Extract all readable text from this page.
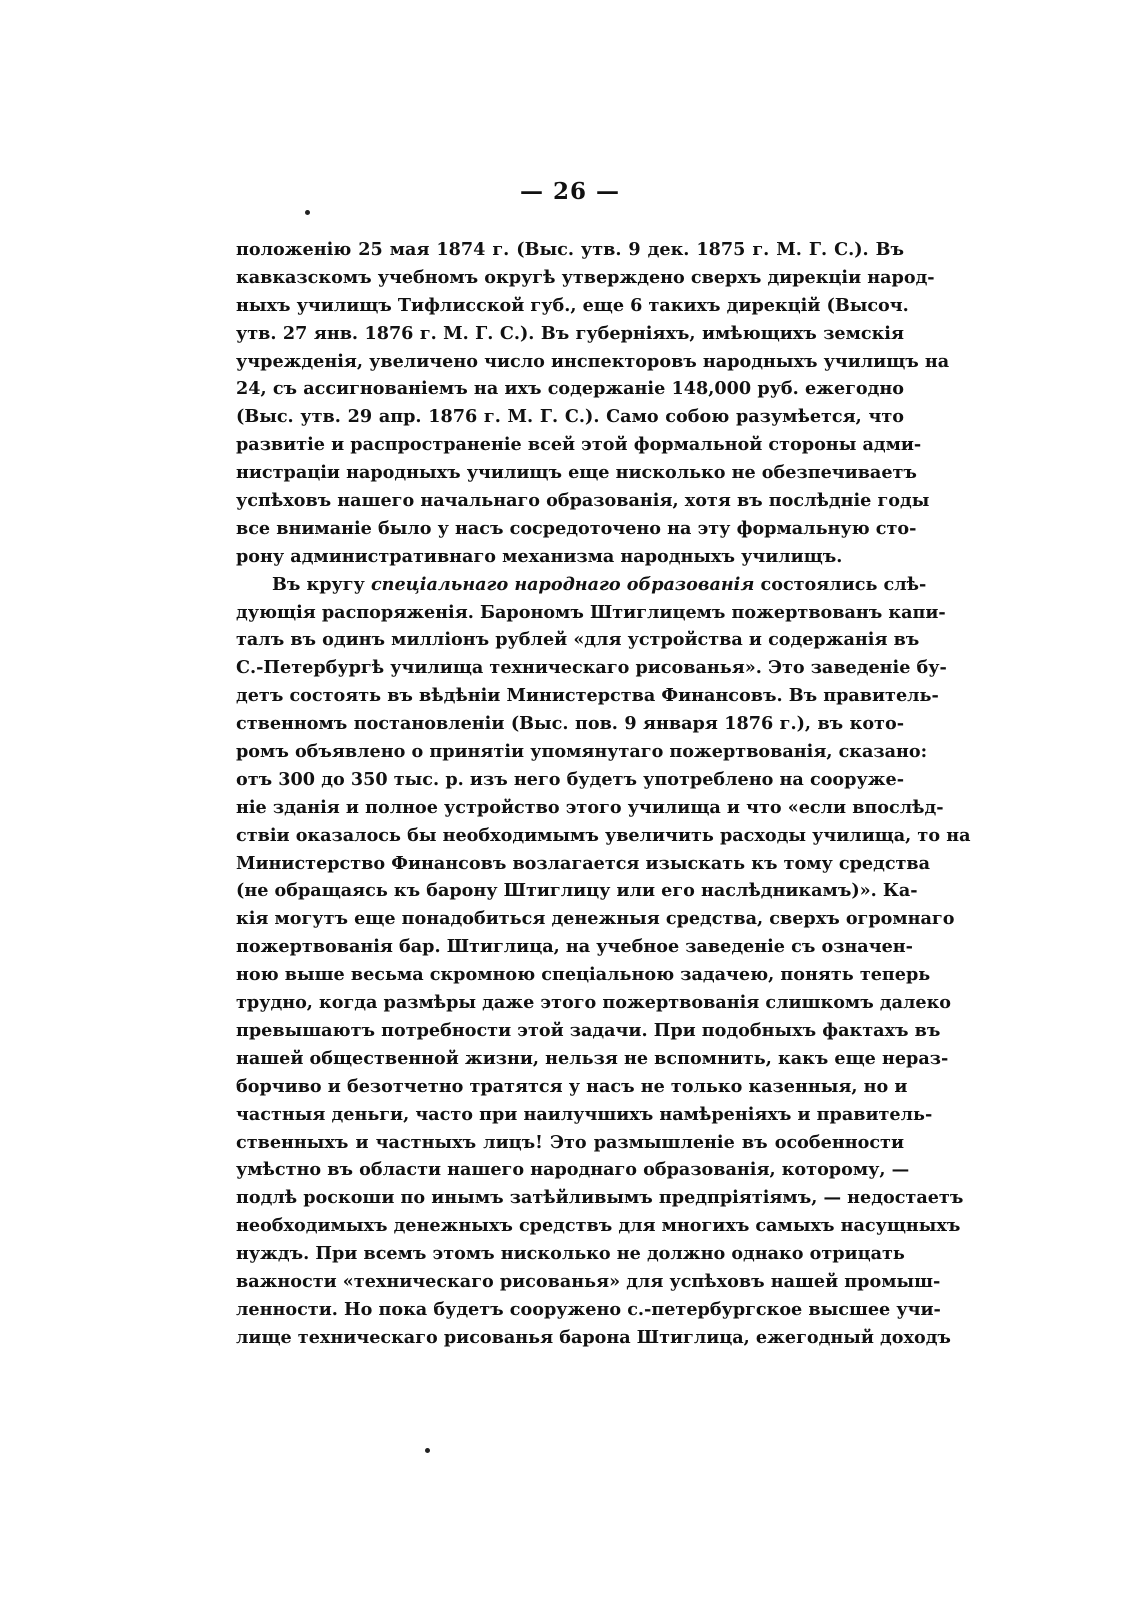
— 26 —
положенію 25 мая 1874 г. (Выс. утв. 9 дек. 1875 г. М. Г. С.). Въ
кавказскомъ учебномъ округѣ утверждено сверхъ дирекціи народ-
ныхъ училищъ Тифлисской губ., еще 6 такихъ дирекцій (Высоч.
утв. 27 янв. 1876 г. М. Г. С.). Въ губерніяхъ, имѣющихъ земскія
учрежденія, увеличено число инспекторовъ народныхъ училищъ на
24, съ ассигнованіемъ на ихъ содержаніе 148,000 руб. ежегодно
(Выс. утв. 29 апр. 1876 г. М. Г. С.). Само собою разумѣется, что
развитіе и распространеніе всей этой формальной стороны адми-
нистраціи народныхъ училищъ еще нисколько не обезпечиваетъ
успѣховъ нашего начальнаго образованія, хотя въ послѣдніе годы
все вниманіе было у насъ сосредоточено на эту формальную сто-
рону административнаго механизма народныхъ училищъ.
Въ кругу спеціальнаго народнаго образованія состоялись слѣ-
дующія распоряженія. Барономъ Штиглицемъ пожертвованъ капи-
талъ въ одинъ милліонъ рублей «для устройства и содержанія въ
С.-Петербургѣ училища техническаго рисованья». Это заведеніе бу-
детъ состоять въ вѣдѣніи Министерства Финансовъ. Въ правитель-
ственномъ постановленіи (Выс. пов. 9 января 1876 г.), въ кото-
ромъ объявлено о принятіи упомянутаго пожертвованія, сказано:
отъ 300 до 350 тыс. р. изъ него будетъ употреблено на сооруже-
ніе зданія и полное устройство этого училища и что «если впослѣд-
ствіи оказалось бы необходимымъ увеличить расходы училища, то на
Министерство Финансовъ возлагается изыскать къ тому средства
(не обращаясь къ барону Штиглицу или его наслѣдникамъ)». Ка-
кія могутъ еще понадобиться денежныя средства, сверхъ огромнаго
пожертвованія бар. Штиглица, на учебное заведеніе съ означен-
ною выше весьма скромною спеціальною задачею, понять теперь
трудно, когда размѣры даже этого пожертвованія слишкомъ далеко
превышаютъ потребности этой задачи. При подобныхъ фактахъ въ
нашей общественной жизни, нельзя не вспомнить, какъ еще нераз-
борчиво и безотчетно тратятся у насъ не только казенныя, но и
частныя деньги, часто при наилучшихъ намѣреніяхъ и правитель-
ственныхъ и частныхъ лицъ! Это размышленіе въ особенности
умѣстно въ области нашего народнаго образованія, которому, —
подлѣ роскоши по инымъ затѣйливымъ предпріятіямъ, — недостаетъ
необходимыхъ денежныхъ средствъ для многихъ самыхъ насущныхъ
нуждъ. При всемъ этомъ нисколько не должно однако отрицать
важности «техническаго рисованья» для успѣховъ нашей промыш-
ленности. Но пока будетъ сооружено с.-петербургское высшее учи-
лище техническаго рисованья барона Штиглица, ежегодный доходъ
